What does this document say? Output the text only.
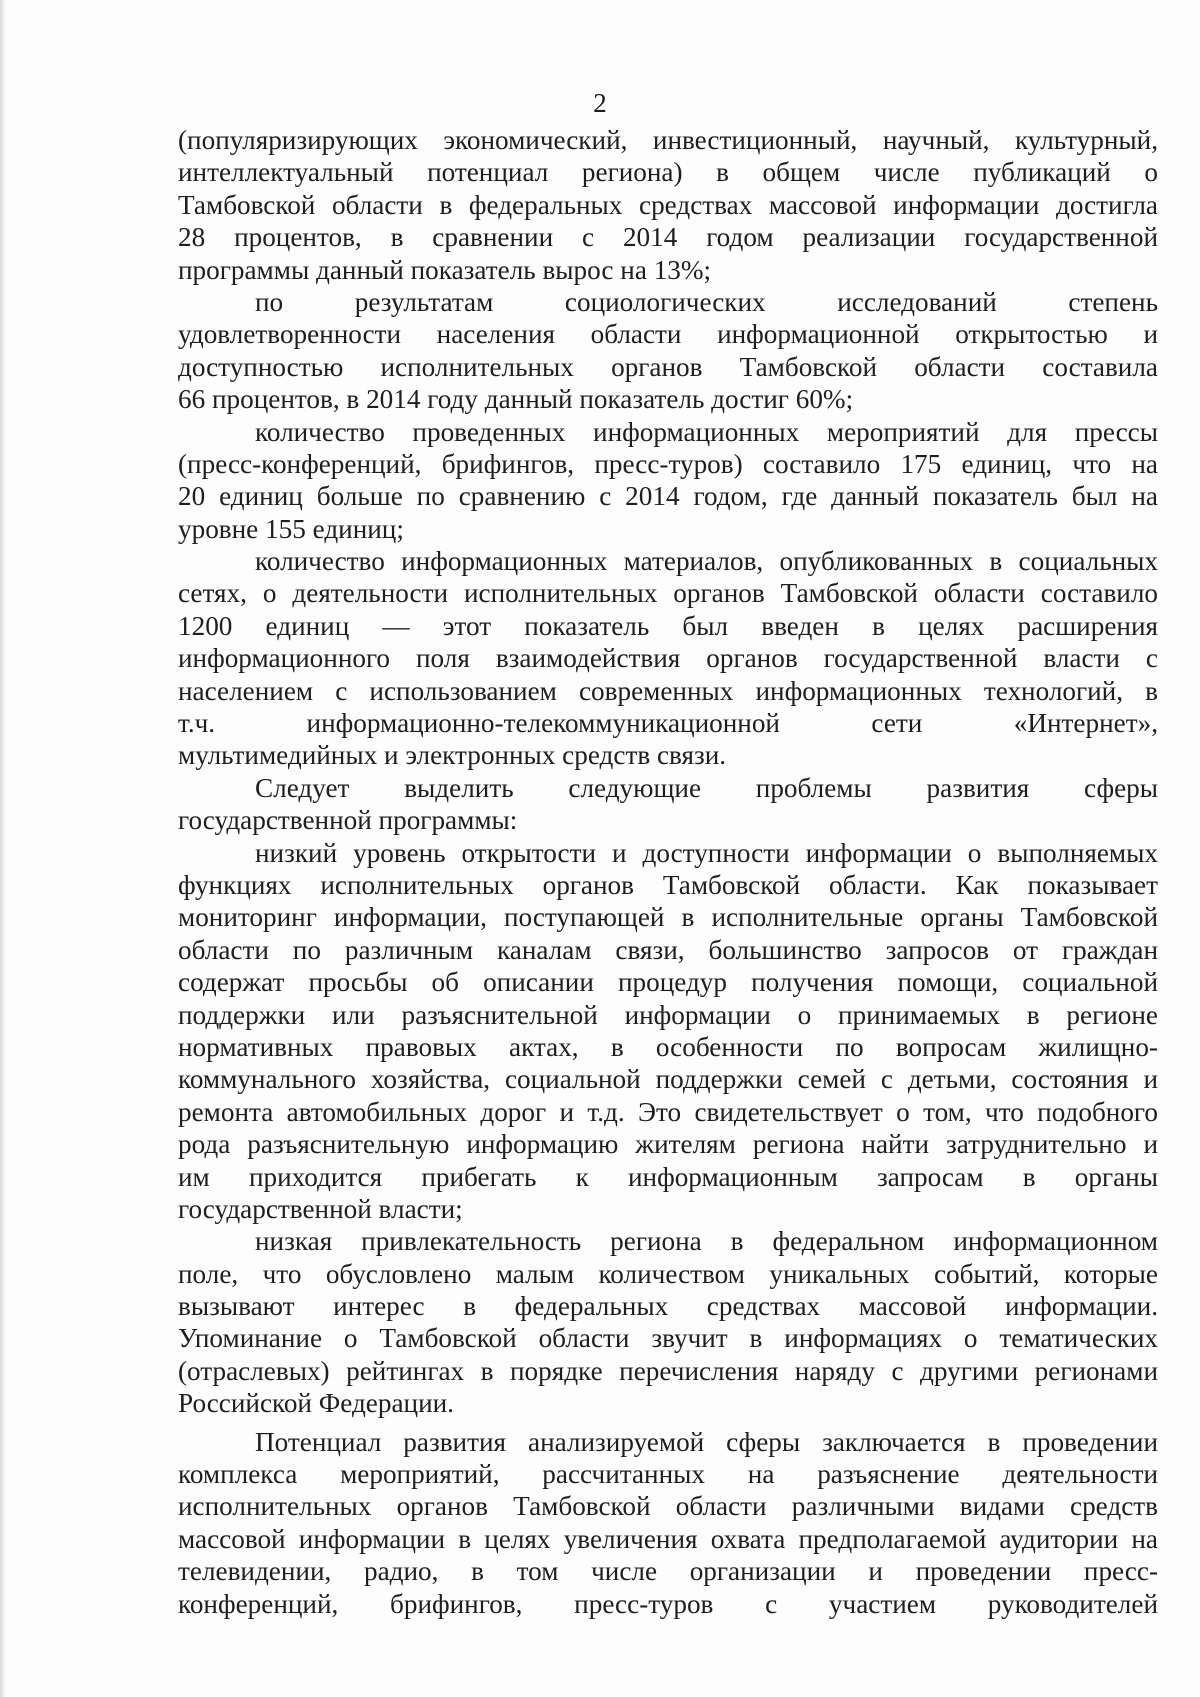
2
(популяризирующих экономический, инвестиционный, научный, культурный,
интеллектуальный потенциал региона) в общем числе публикаций о
Тамбовской области в федеральных средствах массовой информации достигла
28 процентов, в сравнении с 2014 годом реализации государственной
программы данный показатель вырос на 13%;
по результатам социологических исследований степень
удовлетворенности населения области информационной открытостью и
доступностью исполнительных органов Тамбовской области составила
66 процентов, в 2014 году данный показатель достиг 60%;
количество проведенных информационных мероприятий для прессы
(пресс-конференций, брифингов, пресс-туров) составило 175 единиц, что на
20 единиц больше по сравнению с 2014 годом, где данный показатель был на
уровне 155 единиц;
количество информационных материалов, опубликованных в социальных
сетях, о деятельности исполнительных органов Тамбовской области составило
1200 единиц — этот показатель был введен в целях расширения
информационного поля взаимодействия органов государственной власти с
населением с использованием современных информационных технологий, в
т.ч. информационно-телекоммуникационной сети «Интернет»,
мультимедийных и электронных средств связи.
Следует выделить следующие проблемы развития сферы
государственной программы:
низкий уровень открытости и доступности информации о выполняемых
функциях исполнительных органов Тамбовской области. Как показывает
мониторинг информации, поступающей в исполнительные органы Тамбовской
области по различным каналам связи, большинство запросов от граждан
содержат просьбы об описании процедур получения помощи, социальной
поддержки или разъяснительной информации о принимаемых в регионе
нормативных правовых актах, в особенности по вопросам жилищно-
коммунального хозяйства, социальной поддержки семей с детьми, состояния и
ремонта автомобильных дорог и т.д. Это свидетельствует о том, что подобного
рода разъяснительную информацию жителям региона найти затруднительно и
им приходится прибегать к информационным запросам в органы
государственной власти;
низкая привлекательность региона в федеральном информационном
поле, что обусловлено малым количеством уникальных событий, которые
вызывают интерес в федеральных средствах массовой информации.
Упоминание о Тамбовской области звучит в информациях о тематических
(отраслевых) рейтингах в порядке перечисления наряду с другими регионами
Российской Федерации.
Потенциал развития анализируемой сферы заключается в проведении
комплекса мероприятий, рассчитанных на разъяснение деятельности
исполнительных органов Тамбовской области различными видами средств
массовой информации в целях увеличения охвата предполагаемой аудитории на
телевидении, радио, в том числе организации и проведении пресс-
конференций, брифингов, пресс-туров с участием руководителей
